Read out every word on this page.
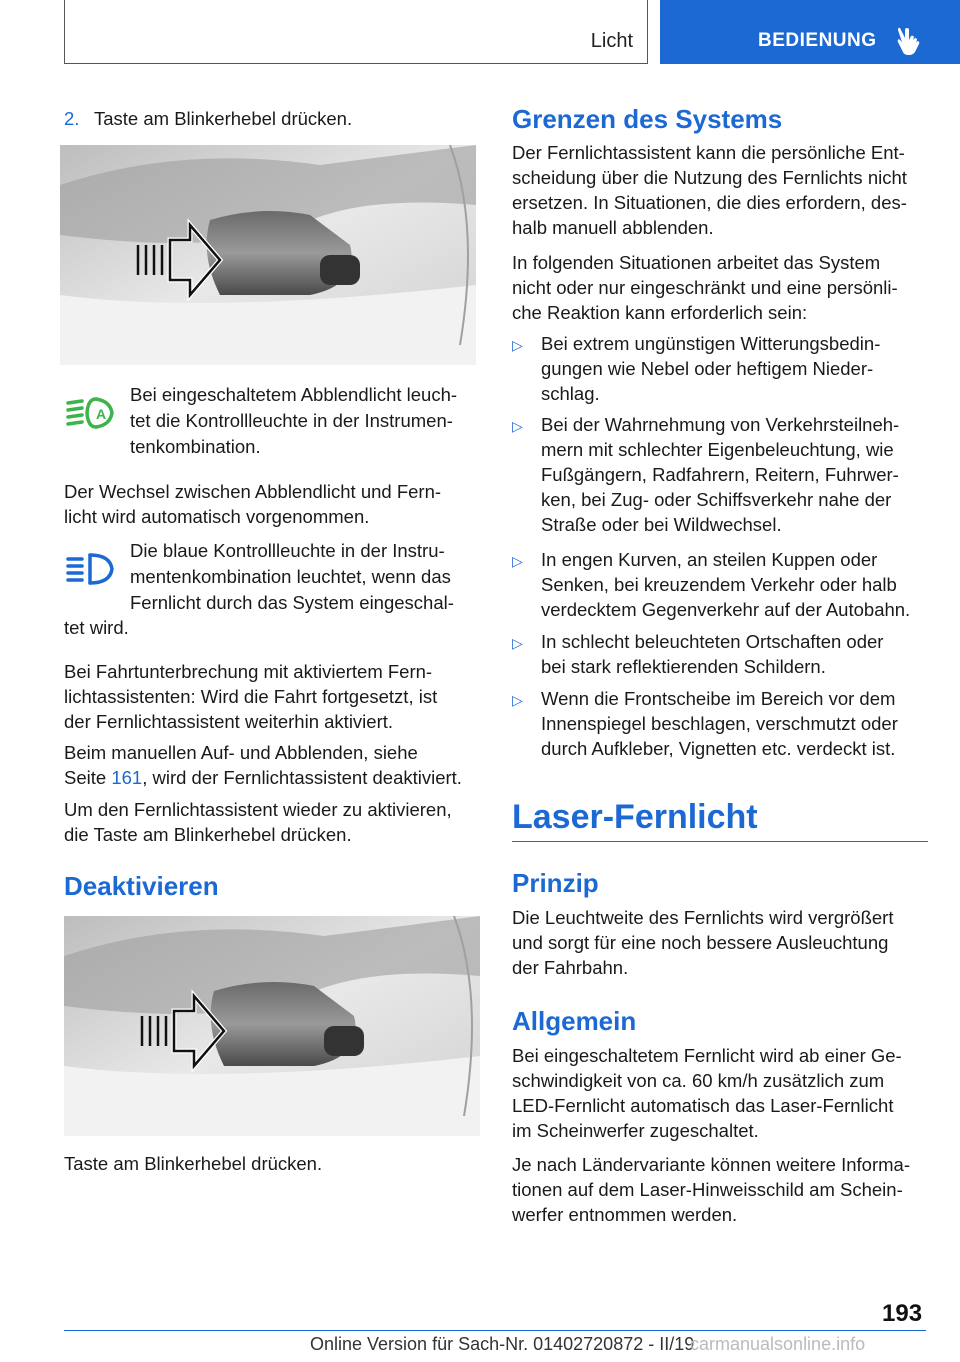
Licht	BEDIENUNG
2. Taste am Blinkerhebel drücken.
A
Bei eingeschaltetem Abblendlicht leuch-
tet die Kontrollleuchte in der Instrumen-
tenkombination.
Der Wechsel zwischen Abblendlicht und Fern-
licht wird automatisch vorgenommen.
Die blaue Kontrollleuchte in der Instru-
mentenkombination leuchtet, wenn das
Fernlicht durch das System eingeschal-
tet wird.
Bei Fahrtunterbrechung mit aktiviertem Fern-
lichtassistenten: Wird die Fahrt fortgesetzt, ist
der Fernlichtassistent weiterhin aktiviert.
Beim manuellen Auf- und Abblenden, siehe
Seite 161, wird der Fernlichtassistent deaktiviert.
Um den Fernlichtassistent wieder zu aktivieren,
die Taste am Blinkerhebel drücken.
Deaktivieren
Taste am Blinkerhebel drücken.
Grenzen des Systems
Der Fernlichtassistent kann die persönliche Ent-
scheidung über die Nutzung des Fernlichts nicht
ersetzen. In Situationen, die dies erfordern, des-
halb manuell abblenden.
In folgenden Situationen arbeitet das System
nicht oder nur eingeschränkt und eine persönli-
che Reaktion kann erforderlich sein:
▷ Bei extrem ungünstigen Witterungsbedin-
gungen wie Nebel oder heftigem Nieder-
schlag.
▷ Bei der Wahrnehmung von Verkehrsteilneh-
mern mit schlechter Eigenbeleuchtung, wie
Fußgängern, Radfahrern, Reitern, Fuhrwer-
ken, bei Zug- oder Schiffsverkehr nahe der
Straße oder bei Wildwechsel.
▷ In engen Kurven, an steilen Kuppen oder
Senken, bei kreuzendem Verkehr oder halb
verdecktem Gegenverkehr auf der Autobahn.
▷ In schlecht beleuchteten Ortschaften oder
bei stark reflektierenden Schildern.
▷ Wenn die Frontscheibe im Bereich vor dem
Innenspiegel beschlagen, verschmutzt oder
durch Aufkleber, Vignetten etc. verdeckt ist.
Laser-Fernlicht
Prinzip
Die Leuchtweite des Fernlichts wird vergrößert
und sorgt für eine noch bessere Ausleuchtung
der Fahrbahn.
Allgemein
Bei eingeschaltetem Fernlicht wird ab einer Ge-
schwindigkeit von ca. 60 km/h zusätzlich zum
LED-Fernlicht automatisch das Laser-Fernlicht
im Scheinwerfer zugeschaltet.
Je nach Ländervariante können weitere Informa-
tionen auf dem Laser-Hinweisschild am Schein-
werfer entnommen werden.
193
Online Version für Sach-Nr. 01402720872 - II/19
carmanualsonline.info
